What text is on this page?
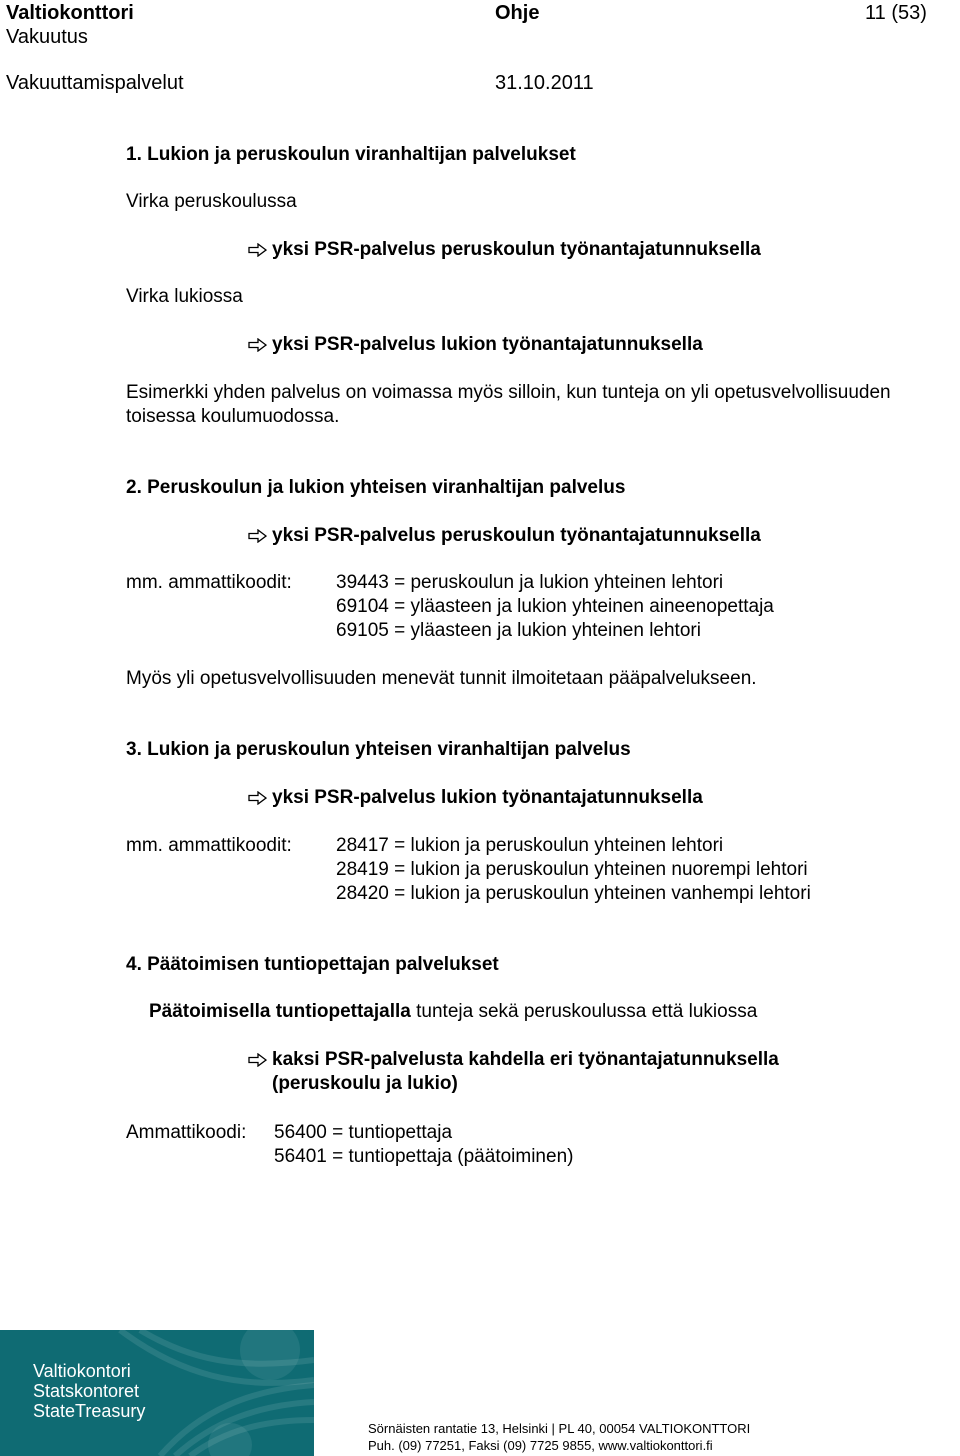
Valtiokonttori	Ohje	11 (53)
Vakuutus
Vakuuttamispalvelut	31.10.2011
1. Lukion ja peruskoulun viranhaltijan palvelukset
Virka peruskoulussa
yksi PSR-palvelus peruskoulun työnantajatunnuksella
Virka lukiossa
yksi PSR-palvelus lukion työnantajatunnuksella
Esimerkki yhden palvelus on voimassa myös silloin, kun tunteja on yli opetusvelvollisuuden
toisessa koulumuodossa.
2. Peruskoulun ja lukion yhteisen viranhaltijan palvelus
yksi PSR-palvelus peruskoulun työnantajatunnuksella
mm. ammattikoodit: 39443 = peruskoulun ja lukion yhteinen lehtori
69104 = yläasteen ja lukion yhteinen aineenopettaja
69105 = yläasteen ja lukion yhteinen lehtori
Myös yli opetusvelvollisuuden menevät tunnit ilmoitetaan pääpalvelukseen.
3. Lukion ja peruskoulun yhteisen viranhaltijan palvelus
yksi PSR-palvelus lukion työnantajatunnuksella
mm. ammattikoodit: 28417 = lukion ja peruskoulun yhteinen lehtori
28419 = lukion ja peruskoulun yhteinen nuorempi lehtori
28420 = lukion ja peruskoulun yhteinen vanhempi lehtori
4. Päätoimisen tuntiopettajan palvelukset
Päätoimisella tuntiopettajalla tunteja sekä peruskoulussa että lukiossa
kaksi PSR-palvelusta kahdella eri työnantajatunnuksella
(peruskoulu ja lukio)
Ammattikoodi: 56400 = tuntiopettaja
56401 = tuntiopettaja (päätoiminen)
Valtiokontori
Statskontoret
StateTreasury
Sörnäisten rantatie 13, Helsinki | PL 40, 00054 VALTIOKONTTORI
Puh. (09) 77251, Faksi (09) 7725 9855, www.valtiokonttori.fi
